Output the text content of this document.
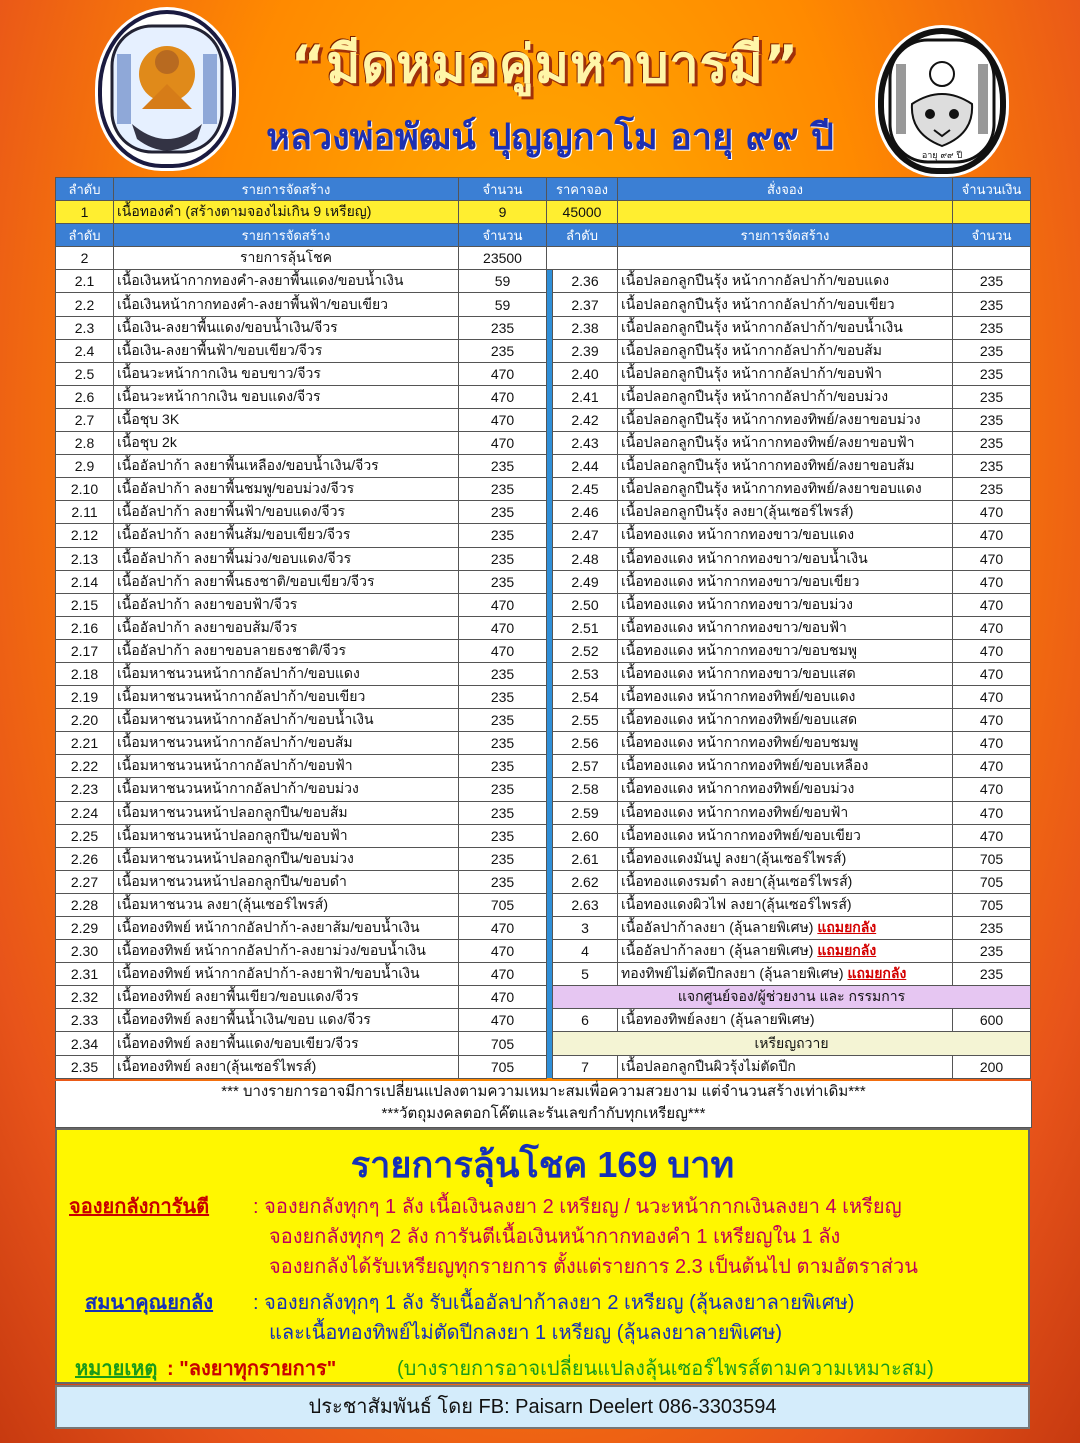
“มีดหมอคู่มหาบารมี”
หลวงพ่อพัฒน์ ปุญญกาโม อายุ ๙๙ ปี	อายุ ๙๙ ปี
ลำดับ	รายการจัดสร้าง	จำนวน	ราคาจอง		สั่งจอง	จำนวนเงิน
1	เนื้อทองคำ (สร้างตามจองไม่เกิน 9 เหรียญ)	9	45000			
ลำดับ	รายการจัดสร้าง	จำนวน	ลำดับ		รายการจัดสร้าง	จำนวน
2	รายการลุ้นโชค	23500				
2.1	เนื้อเงินหน้ากากทองคำ-ลงยาพื้นแดง/ขอบน้ำเงิน	59		2.36	เนื้อปลอกลูกปืนรุ้ง หน้ากากอัลปาก้า/ขอบแดง	235
2.2	เนื้อเงินหน้ากากทองคำ-ลงยาพื้นฟ้า/ขอบเขียว	59		2.37	เนื้อปลอกลูกปืนรุ้ง หน้ากากอัลปาก้า/ขอบเขียว	235
2.3	เนื้อเงิน-ลงยาพื้นแดง/ขอบน้ำเงิน/จีวร	235		2.38	เนื้อปลอกลูกปืนรุ้ง หน้ากากอัลปาก้า/ขอบน้ำเงิน	235
2.4	เนื้อเงิน-ลงยาพื้นฟ้า/ขอบเขียว/จีวร	235		2.39	เนื้อปลอกลูกปืนรุ้ง หน้ากากอัลปาก้า/ขอบส้ม	235
2.5	เนื้อนวะหน้ากากเงิน ขอบขาว/จีวร	470		2.40	เนื้อปลอกลูกปืนรุ้ง หน้ากากอัลปาก้า/ขอบฟ้า	235
2.6	เนื้อนวะหน้ากากเงิน ขอบแดง/จีวร	470		2.41	เนื้อปลอกลูกปืนรุ้ง หน้ากากอัลปาก้า/ขอบม่วง	235
2.7	เนื้อชุบ 3K	470		2.42	เนื้อปลอกลูกปืนรุ้ง หน้ากากทองทิพย์/ลงยาขอบม่วง	235
2.8	เนื้อชุบ 2k	470		2.43	เนื้อปลอกลูกปืนรุ้ง หน้ากากทองทิพย์/ลงยาขอบฟ้า	235
2.9	เนื้ออัลปาก้า ลงยาพื้นเหลือง/ขอบน้ำเงิน/จีวร	235		2.44	เนื้อปลอกลูกปืนรุ้ง หน้ากากทองทิพย์/ลงยาขอบส้ม	235
2.10	เนื้ออัลปาก้า ลงยาพื้นชมพู/ขอบม่วง/จีวร	235		2.45	เนื้อปลอกลูกปืนรุ้ง หน้ากากทองทิพย์/ลงยาขอบแดง	235
2.11	เนื้ออัลปาก้า ลงยาพื้นฟ้า/ขอบแดง/จีวร	235		2.46	เนื้อปลอกลูกปืนรุ้ง ลงยา(ลุ้นเซอร์ไพรส์)	470
2.12	เนื้ออัลปาก้า ลงยาพื้นส้ม/ขอบเขียว/จีวร	235		2.47	เนื้อทองแดง หน้ากากทองขาว/ขอบแดง	470
2.13	เนื้ออัลปาก้า ลงยาพื้นม่วง/ขอบแดง/จีวร	235		2.48	เนื้อทองแดง หน้ากากทองขาว/ขอบน้ำเงิน	470
2.14	เนื้ออัลปาก้า ลงยาพื้นธงชาติ/ขอบเขียว/จีวร	235		2.49	เนื้อทองแดง หน้ากากทองขาว/ขอบเขียว	470
2.15	เนื้ออัลปาก้า ลงยาขอบฟ้า/จีวร	470		2.50	เนื้อทองแดง หน้ากากทองขาว/ขอบม่วง	470
2.16	เนื้ออัลปาก้า ลงยาขอบส้ม/จีวร	470		2.51	เนื้อทองแดง หน้ากากทองขาว/ขอบฟ้า	470
2.17	เนื้ออัลปาก้า ลงยาขอบลายธงชาติ/จีวร	470		2.52	เนื้อทองแดง หน้ากากทองขาว/ขอบชมพู	470
2.18	เนื้อมหาชนวนหน้ากากอัลปาก้า/ขอบแดง	235		2.53	เนื้อทองแดง หน้ากากทองขาว/ขอบแสด	470
2.19	เนื้อมหาชนวนหน้ากากอัลปาก้า/ขอบเขียว	235		2.54	เนื้อทองแดง หน้ากากทองทิพย์/ขอบแดง	470
2.20	เนื้อมหาชนวนหน้ากากอัลปาก้า/ขอบน้ำเงิน	235		2.55	เนื้อทองแดง หน้ากากทองทิพย์/ขอบแสด	470
2.21	เนื้อมหาชนวนหน้ากากอัลปาก้า/ขอบส้ม	235		2.56	เนื้อทองแดง หน้ากากทองทิพย์/ขอบชมพู	470
2.22	เนื้อมหาชนวนหน้ากากอัลปาก้า/ขอบฟ้า	235		2.57	เนื้อทองแดง หน้ากากทองทิพย์/ขอบเหลือง	470
2.23	เนื้อมหาชนวนหน้ากากอัลปาก้า/ขอบม่วง	235		2.58	เนื้อทองแดง หน้ากากทองทิพย์/ขอบม่วง	470
2.24	เนื้อมหาชนวนหน้าปลอกลูกปืน/ขอบส้ม	235		2.59	เนื้อทองแดง หน้ากากทองทิพย์/ขอบฟ้า	470
2.25	เนื้อมหาชนวนหน้าปลอกลูกปืน/ขอบฟ้า	235		2.60	เนื้อทองแดง หน้ากากทองทิพย์/ขอบเขียว	470
2.26	เนื้อมหาชนวนหน้าปลอกลูกปืน/ขอบม่วง	235		2.61	เนื้อทองแดงมันปู ลงยา(ลุ้นเซอร์ไพรส์)	705
2.27	เนื้อมหาชนวนหน้าปลอกลูกปืน/ขอบดำ	235		2.62	เนื้อทองแดงรมดำ ลงยา(ลุ้นเซอร์ไพรส์)	705
2.28	เนื้อมหาชนวน ลงยา(ลุ้นเซอร์ไพรส์)	705		2.63	เนื้อทองแดงผิวไฟ ลงยา(ลุ้นเซอร์ไพรส์)	705
2.29	เนื้อทองทิพย์ หน้ากากอัลปาก้า-ลงยาส้ม/ขอบน้ำเงิน	470		3	เนื้ออัลปาก้าลงยา (ลุ้นลายพิเศษ) แถมยกลัง	235
2.30	เนื้อทองทิพย์ หน้ากากอัลปาก้า-ลงยาม่วง/ขอบน้ำเงิน	470		4	เนื้ออัลปาก้าลงยา (ลุ้นลายพิเศษ) แถมยกลัง	235
2.31	เนื้อทองทิพย์ หน้ากากอัลปาก้า-ลงยาฟ้า/ขอบน้ำเงิน	470		5	ทองทิพย์ไม่ตัดปีกลงยา (ลุ้นลายพิเศษ) แถมยกลัง	235
2.32	เนื้อทองทิพย์ ลงยาพื้นเขียว/ขอบแดง/จีวร	470		แจกศูนย์จอง/ผู้ช่วยงาน และ กรรมการ		
2.33	เนื้อทองทิพย์ ลงยาพื้นน้ำเงิน/ขอบ แดง/จีวร	470		6	เนื้อทองทิพย์ลงยา (ลุ้นลายพิเศษ)	600
2.34	เนื้อทองทิพย์ ลงยาพื้นแดง/ขอบเขียว/จีวร	705		เหรียญถวาย		
2.35	เนื้อทองทิพย์ ลงยา(ลุ้นเซอร์ไพรส์)	705		7	เนื้อปลอกลูกปืนผิวรุ้งไม่ตัดปีก	200
*** บางรายการอาจมีการเปลี่ยนแปลงตามความเหมาะสมเพื่อความสวยงาม แต่จำนวนสร้างเท่าเดิม***
***วัตถุมงคลตอกโค๊ตและรันเลขกำกับทุกเหรียญ***
รายการลุ้นโชค 169 บาท
จองยกลังการันตี : จองยกลังทุกๆ 1 ลัง เนื้อเงินลงยา 2 เหรียญ / นวะหน้ากากเงินลงยา 4 เหรียญ
จองยกลังทุกๆ 2 ลัง การันตีเนื้อเงินหน้ากากทองคำ 1 เหรียญใน 1 ลัง
จองยกลังได้รับเหรียญทุกรายการ ตั้งแต่รายการ 2.3 เป็นต้นไป ตามอัตราส่วน
สมนาคุณยกลัง : จองยกลังทุกๆ 1 ลัง รับเนื้ออัลปาก้าลงยา 2 เหรียญ (ลุ้นลงยาลายพิเศษ)
และเนื้อทองทิพย์ไม่ตัดปีกลงยา 1 เหรียญ (ลุ้นลงยาลายพิเศษ)
หมายเหตุ : "ลงยาทุกรายการ"	(บางรายการอาจเปลี่ยนแปลงลุ้นเซอร์ไพรส์ตามความเหมาะสม)
ประชาสัมพันธ์ โดย FB: Paisarn Deelert 086-3303594
